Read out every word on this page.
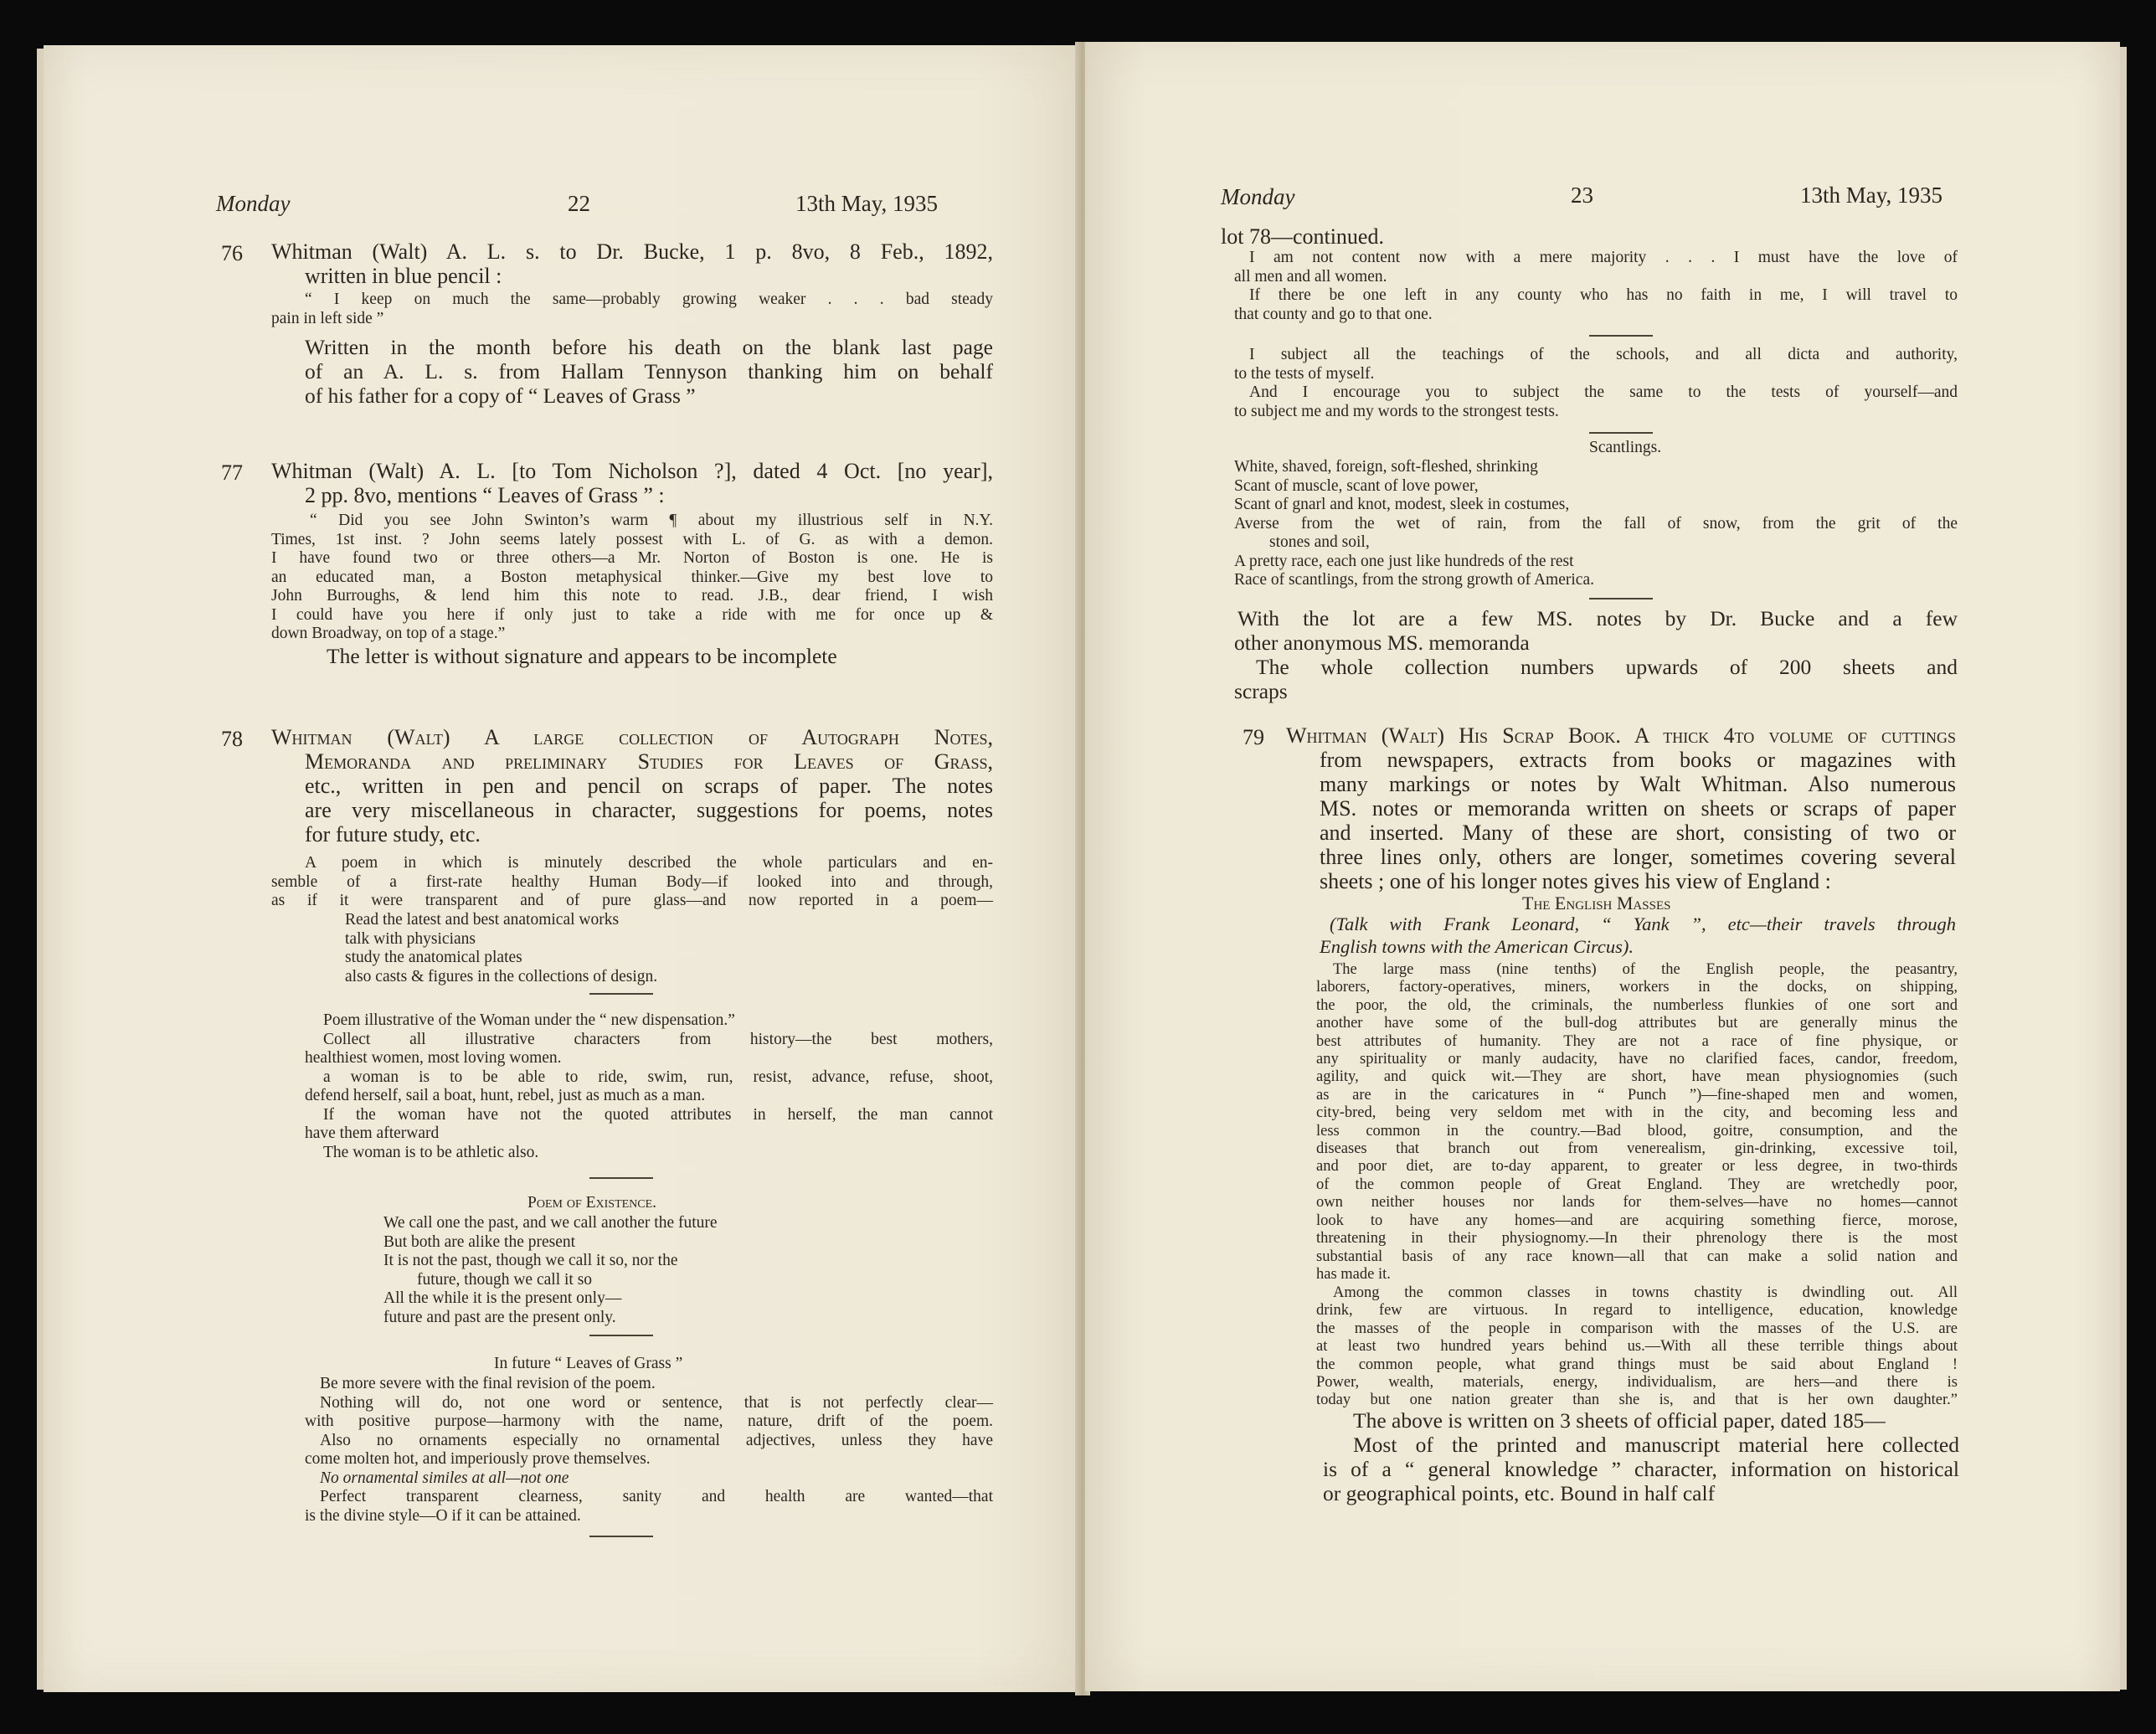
Monday	22	13th May, 1935
76 Whitman (Walt) A. L. s. to Dr. Bucke, 1 p. 8vo, 8 Feb., 1892,
written in blue pencil :
“ I keep on much the same—probably growing weaker . . . bad steady
pain in left side ”
Written in the month before his death on the blank last page
of an A. L. s. from Hallam Tennyson thanking him on behalf
of his father for a copy of “ Leaves of Grass ”
77 Whitman (Walt) A. L. [to Tom Nicholson ?], dated 4 Oct. [no year],
2 pp. 8vo, mentions “ Leaves of Grass ” :
“ Did you see John Swinton’s warm ¶ about my illustrious self in N.Y.
Times, 1st inst. ? John seems lately possest with L. of G. as with a demon.
I have found two or three others—a Mr. Norton of Boston is one. He is
an educated man, a Boston metaphysical thinker.—Give my best love to
John Burroughs, & lend him this note to read. J.B., dear friend, I wish
I could have you here if only just to take a ride with me for once up &
down Broadway, on top of a stage.”
The letter is without signature and appears to be incomplete
78 Whitman (Walt) A large collection of Autograph Notes,
Memoranda and preliminary Studies for Leaves of Grass,
etc., written in pen and pencil on scraps of paper. The notes
are very miscellaneous in character, suggestions for poems, notes
for future study, etc.
A poem in which is minutely described the whole particulars and en-
semble of a first-rate healthy Human Body—if looked into and through,
as if it were transparent and of pure glass—and now reported in a poem—
Read the latest and best anatomical works
talk with physicians
study the anatomical plates
also casts & figures in the collections of design.
Poem illustrative of the Woman under the “ new dispensation.”
Collect all illustrative characters from history—the best mothers,
healthiest women, most loving women.
a woman is to be able to ride, swim, run, resist, advance, refuse, shoot,
defend herself, sail a boat, hunt, rebel, just as much as a man.
If the woman have not the quoted attributes in herself, the man cannot
have them afterward
The woman is to be athletic also.
Poem of Existence.
We call one the past, and we call another the future
But both are alike the present
It is not the past, though we call it so, nor the
future, though we call it so
All the while it is the present only—
future and past are the present only.
In future “ Leaves of Grass ”
Be more severe with the final revision of the poem.
Nothing will do, not one word or sentence, that is not perfectly clear—
with positive purpose—harmony with the name, nature, drift of the poem.
Also no ornaments especially no ornamental adjectives, unless they have
come molten hot, and imperiously prove themselves.
No ornamental similes at all—not one
Perfect transparent clearness, sanity and health are wanted—that
is the divine style—O if it can be attained.
Monday	23	13th May, 1935
lot 78—continued.
I am not content now with a mere majority . . . I must have the love of
all men and all women.
If there be one left in any county who has no faith in me, I will travel to
that county and go to that one.
I subject all the teachings of the schools, and all dicta and authority,
to the tests of myself.
And I encourage you to subject the same to the tests of yourself—and
to subject me and my words to the strongest tests.
Scantlings.
White, shaved, foreign, soft-fleshed, shrinking
Scant of muscle, scant of love power,
Scant of gnarl and knot, modest, sleek in costumes,
Averse from the wet of rain, from the fall of snow, from the grit of the
stones and soil,
A pretty race, each one just like hundreds of the rest
Race of scantlings, from the strong growth of America.
With the lot are a few MS. notes by Dr. Bucke and a few
other anonymous MS. memoranda
The whole collection numbers upwards of 200 sheets and
scraps
79 Whitman (Walt) His Scrap Book. A thick 4to volume of cuttings
from newspapers, extracts from books or magazines with
many markings or notes by Walt Whitman. Also numerous
MS. notes or memoranda written on sheets or scraps of paper
and inserted. Many of these are short, consisting of two or
three lines only, others are longer, sometimes covering several
sheets ; one of his longer notes gives his view of England :
The English Masses
(Talk with Frank Leonard, “ Yank ”, etc—their travels through
English towns with the American Circus).
The large mass (nine tenths) of the English people, the peasantry,
laborers, factory-operatives, miners, workers in the docks, on shipping,
the poor, the old, the criminals, the numberless flunkies of one sort and
another have some of the bull-dog attributes but are generally minus the
best attributes of humanity. They are not a race of fine physique, or
any spirituality or manly audacity, have no clarified faces, candor, freedom,
agility, and quick wit.—They are short, have mean physiognomies (such
as are in the caricatures in “ Punch ”)—fine-shaped men and women,
city-bred, being very seldom met with in the city, and becoming less and
less common in the country.—Bad blood, goitre, consumption, and the
diseases that branch out from venerealism, gin-drinking, excessive toil,
and poor diet, are to-day apparent, to greater or less degree, in two-thirds
of the common people of Great England. They are wretchedly poor,
own neither houses nor lands for them-selves—have no homes—cannot
look to have any homes—and are acquiring something fierce, morose,
threatening in their physiognomy.—In their phrenology there is the most
substantial basis of any race known—all that can make a solid nation and
has made it.
Among the common classes in towns chastity is dwindling out. All
drink, few are virtuous. In regard to intelligence, education, knowledge
the masses of the people in comparison with the masses of the U.S. are
at least two hundred years behind us.—With all these terrible things about
the common people, what grand things must be said about England !
Power, wealth, materials, energy, individualism, are hers—and there is
today but one nation greater than she is, and that is her own daughter.”
The above is written on 3 sheets of official paper, dated 185—
Most of the printed and manuscript material here collected
is of a “ general knowledge ” character, information on historical
or geographical points, etc. Bound in half calf
